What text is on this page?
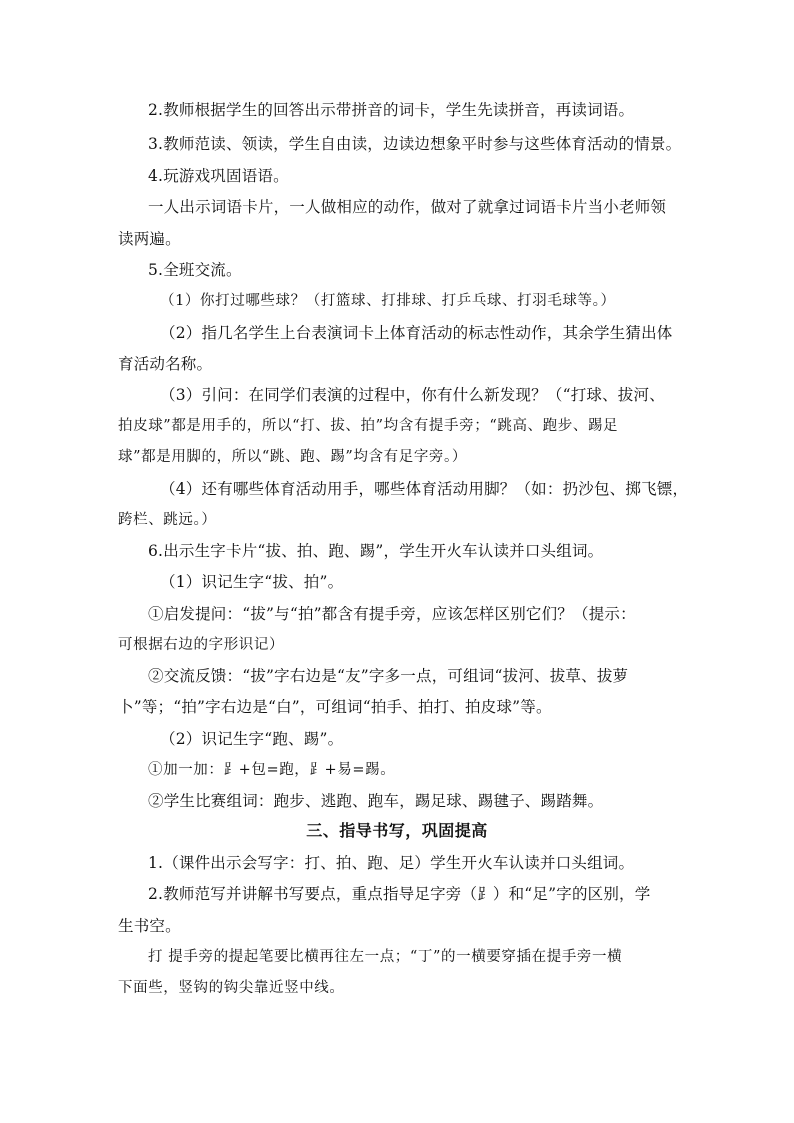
2.教师根据学生的回答出示带拼音的词卡，学生先读拼音，再读词语。
3.教师范读、领读，学生自由读，边读边想象平时参与这些体育活动的情景。
4.玩游戏巩固语语。
一人出示词语卡片，一人做相应的动作，做对了就拿过词语卡片当小老师领
读两遍。
5.全班交流。
（1）你打过哪些球？（打篮球、打排球、打乒乓球、打羽毛球等。）
（2）指几名学生上台表演词卡上体育活动的标志性动作，其余学生猜出体
育活动名称。
（3）引问：在同学们表演的过程中，你有什么新发现？（“打球、拔河、
拍皮球”都是用手的，所以“打、拔、拍”均含有提手旁；“跳高、跑步、踢足
球”都是用脚的，所以“跳、跑、踢”均含有足字旁。）
（4）还有哪些体育活动用手，哪些体育活动用脚？（如：扔沙包、掷飞镖，
跨栏、跳远。）
6.出示生字卡片“拔、拍、跑、踢”，学生开火车认读并口头组词。
（1）识记生字“拔、拍”。
①启发提问：“拔”与“拍”都含有提手旁，应该怎样区别它们？（提示：
可根据右边的字形识记）
②交流反馈：“拔”字右边是“友”字多一点，可组词“拔河、拔草、拔萝
卜”等；“拍”字右边是“白”，可组词“拍手、拍打、拍皮球”等。
（2）识记生字“跑、踢”。
①加一加：⻊+包=跑，⻊+易=踢。
②学生比赛组词：跑步、逃跑、跑车，踢足球、踢毽子、踢踏舞。
三、指导书写，巩固提高
1.（课件出示会写字：打、拍、跑、足）学生开火车认读并口头组词。
2.教师范写并讲解书写要点，重点指导足字旁（⻊）和“足”字的区别，学
生书空。
打 提手旁的提起笔要比横再往左一点；“丁”的一横要穿插在提手旁一横
下面些，竖钩的钩尖靠近竖中线。
